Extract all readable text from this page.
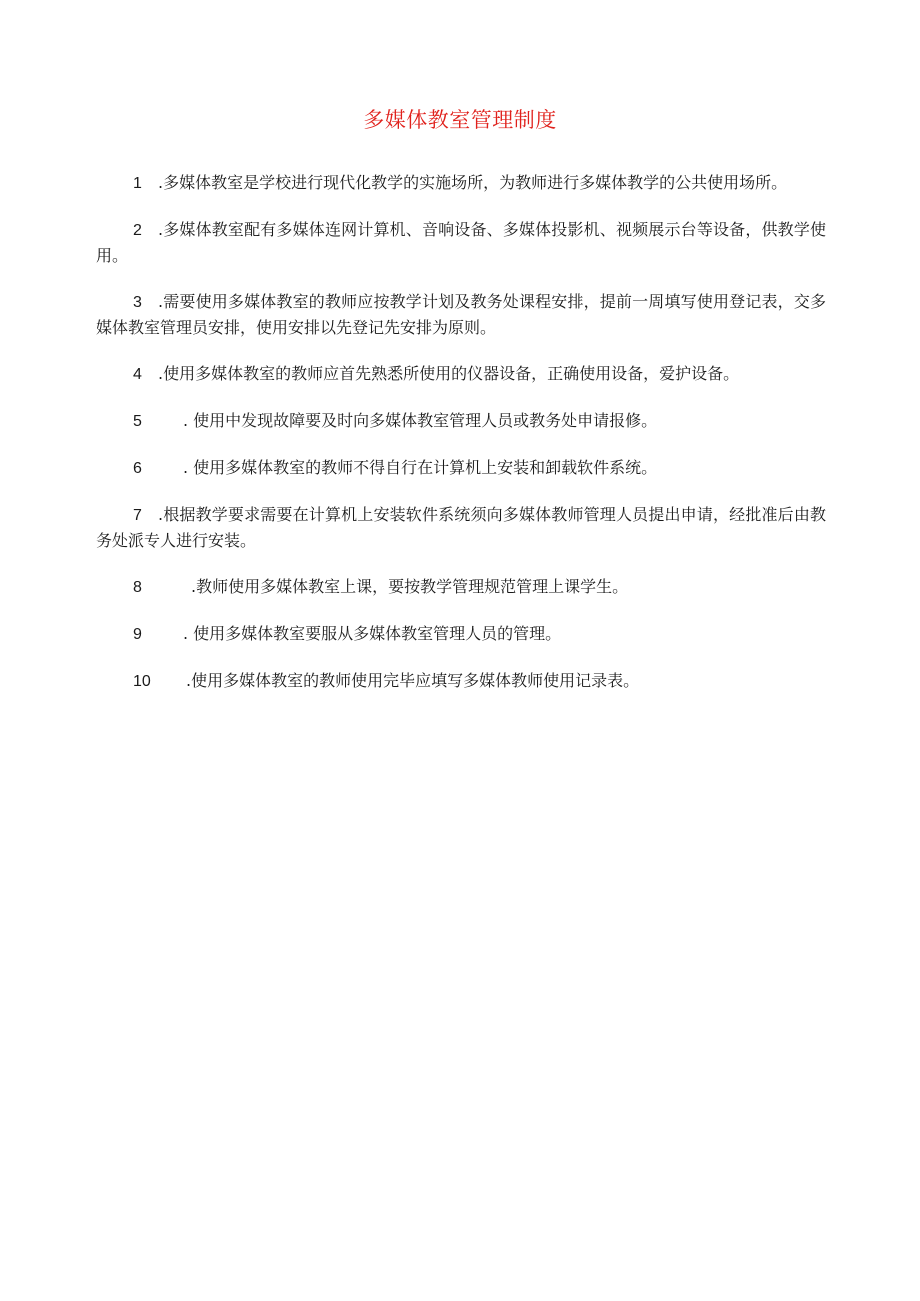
多媒体教室管理制度

1 .多媒体教室是学校进行现代化教学的实施场所，为教师进行多媒体教学的公共使用场所。

2 .多媒体教室配有多媒体连网计算机、音响设备、多媒体投影机、视频展示台等设备，供教学使用。

3 .需要使用多媒体教室的教师应按教学计划及教务处课程安排，提前一周填写使用登记表，交多媒体教室管理员安排，使用安排以先登记先安排为原则。

4 .使用多媒体教室的教师应首先熟悉所使用的仪器设备，正确使用设备，爱护设备。

5	. 使用中发现故障要及时向多媒体教室管理人员或教务处申请报修。

6	. 使用多媒体教室的教师不得自行在计算机上安装和卸载软件系统。

7 .根据教学要求需要在计算机上安装软件系统须向多媒体教师管理人员提出申请，经批准后由教务处派专人进行安装。

8	.教师使用多媒体教室上课，要按教学管理规范管理上课学生。

9	. 使用多媒体教室要服从多媒体教室管理人员的管理。

10 .使用多媒体教室的教师使用完毕应填写多媒体教师使用记录表。
